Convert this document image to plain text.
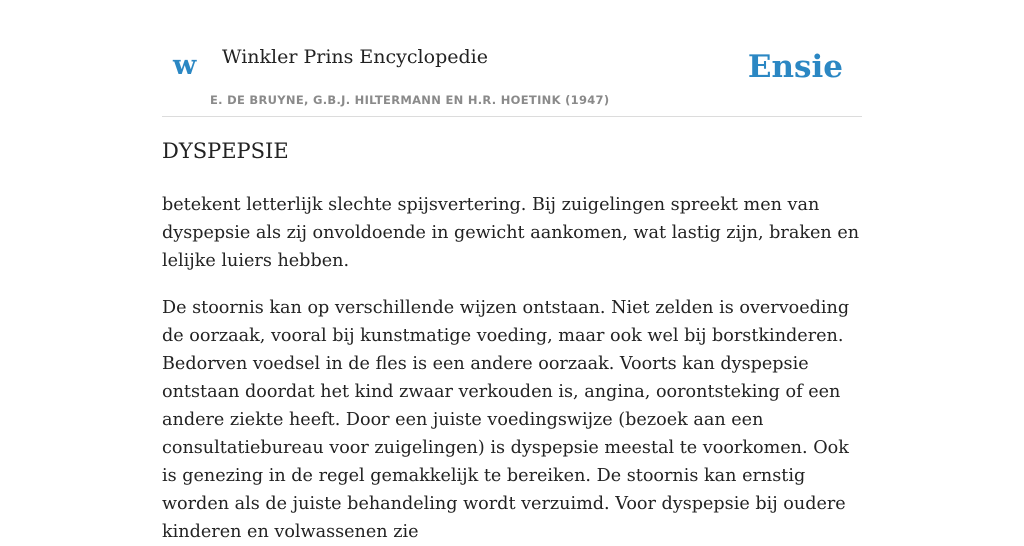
w Winkler Prins Encyclopedie
E. DE BRUYNE, G.B.J. HILTERMANN EN H.R. HOETINK (1947)
Ensie
DYSPEPSIE

betekent letterlijk slechte spijsvertering. Bij zuigelingen spreekt men van dyspepsie als zij onvoldoende in gewicht aankomen, wat lastig zijn, braken en lelijke luiers hebben.

De stoornis kan op verschillende wijzen ontstaan. Niet zelden is overvoeding de oorzaak, vooral bij kunstmatige voeding, maar ook wel bij borstkinderen. Bedorven voedsel in de fles is een andere oorzaak. Voorts kan dyspepsie ontstaan doordat het kind zwaar verkouden is, angina, oorontsteking of een andere ziekte heeft. Door een juiste voedingswijze (bezoek aan een consultatiebureau voor zuigelingen) is dyspepsie meestal te voorkomen. Ook is genezing in de regel gemakkelijk te bereiken. De stoornis kan ernstig worden als de juiste behandeling wordt verzuimd. Voor dyspepsie bij oudere kinderen en volwassenen zie
